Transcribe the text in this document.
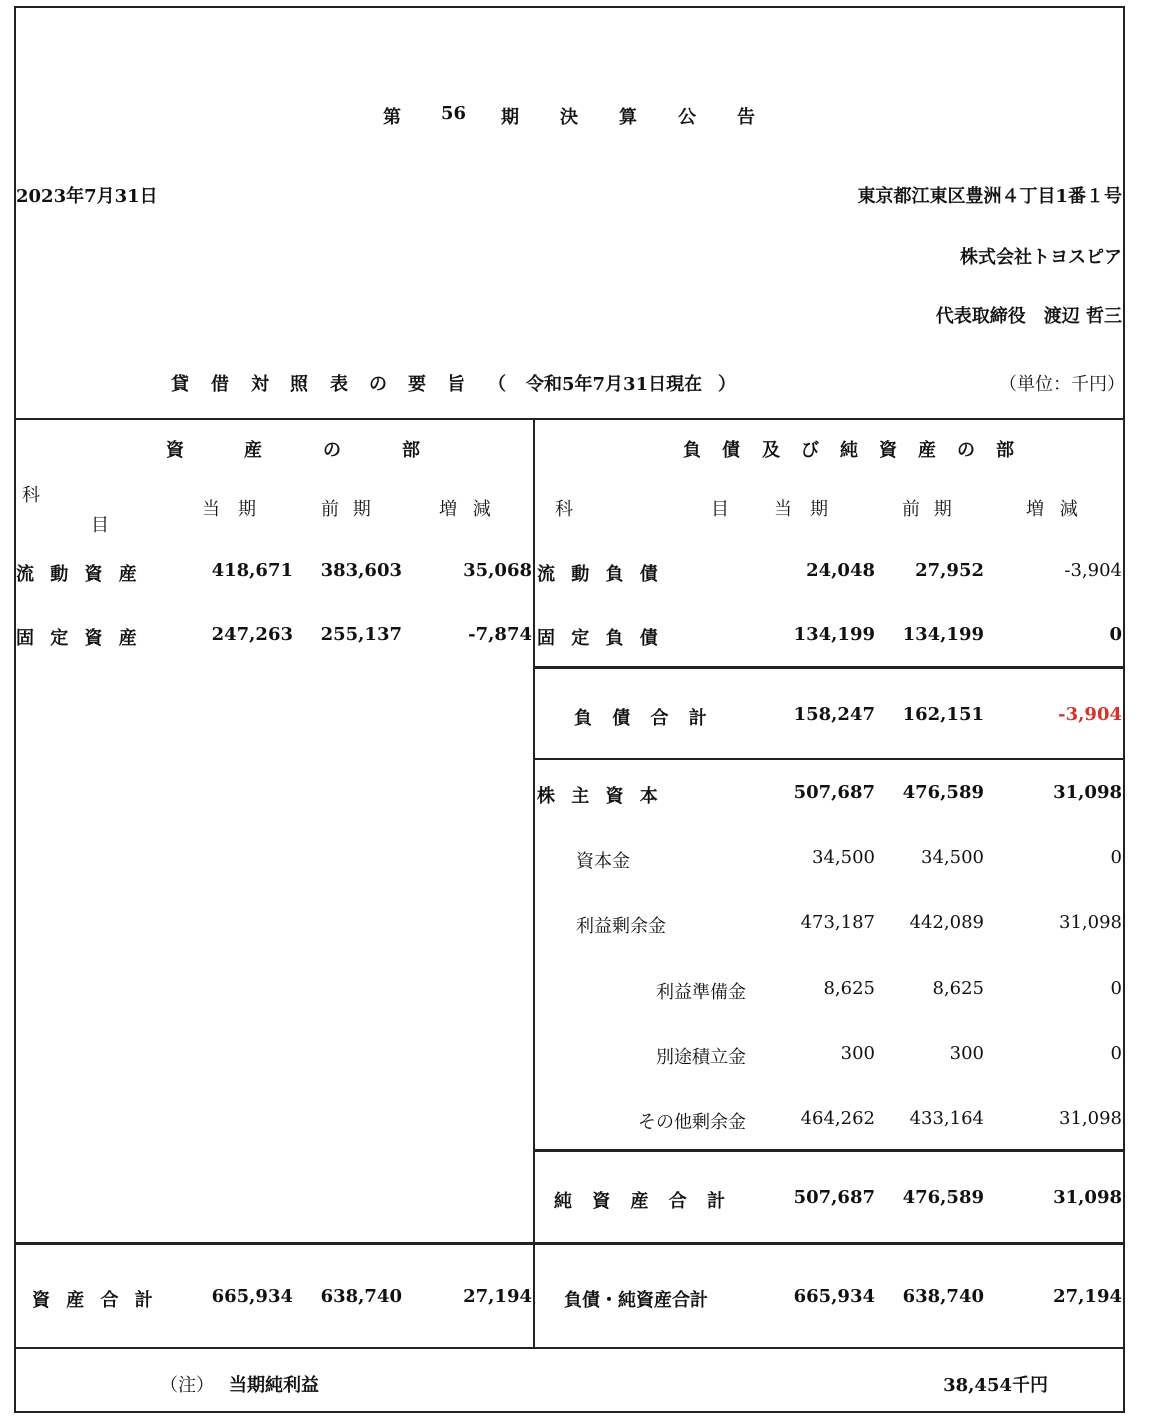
第 56 期 決 算 公 告
2023年7月31日	東京都江東区豊洲４丁目1番１号
株式会社トヨスピア
代表取締役　渡辺 哲三
貸 借 対 照 表 の 要 旨 （ 令和5年7月31日現在 ）	（単位：千円）
資	産	の	部
科
目
当　期	前 期	増 減
流 動 資 産	418,671 383,603	35,068
固 定 資 産	247,263 255,137	-7,874
資 産 合 計	665,934 638,740	27,194
負 債 及 び 純 資 産 の 部
科	目	当　期	前 期	増 減
流 動 負 債	24,048 27,952	-3,904
固 定 負 債	134,199 134,199	0
負 債 合 計	158,247 162,151	-3,904
株 主 資 本	507,687 476,589	31,098
資本金	34,500	34,500	0
利益剰余金	473,187 442,089	31,098
利益準備金	8,625	8,625	0
別途積立金	300	300	0
その他剰余金	464,262 433,164	31,098
純 資 産 合 計	507,687 476,589	31,098
負債・純資産合計	665,934 638,740	27,194
（注） 当期純利益	38,454千円
